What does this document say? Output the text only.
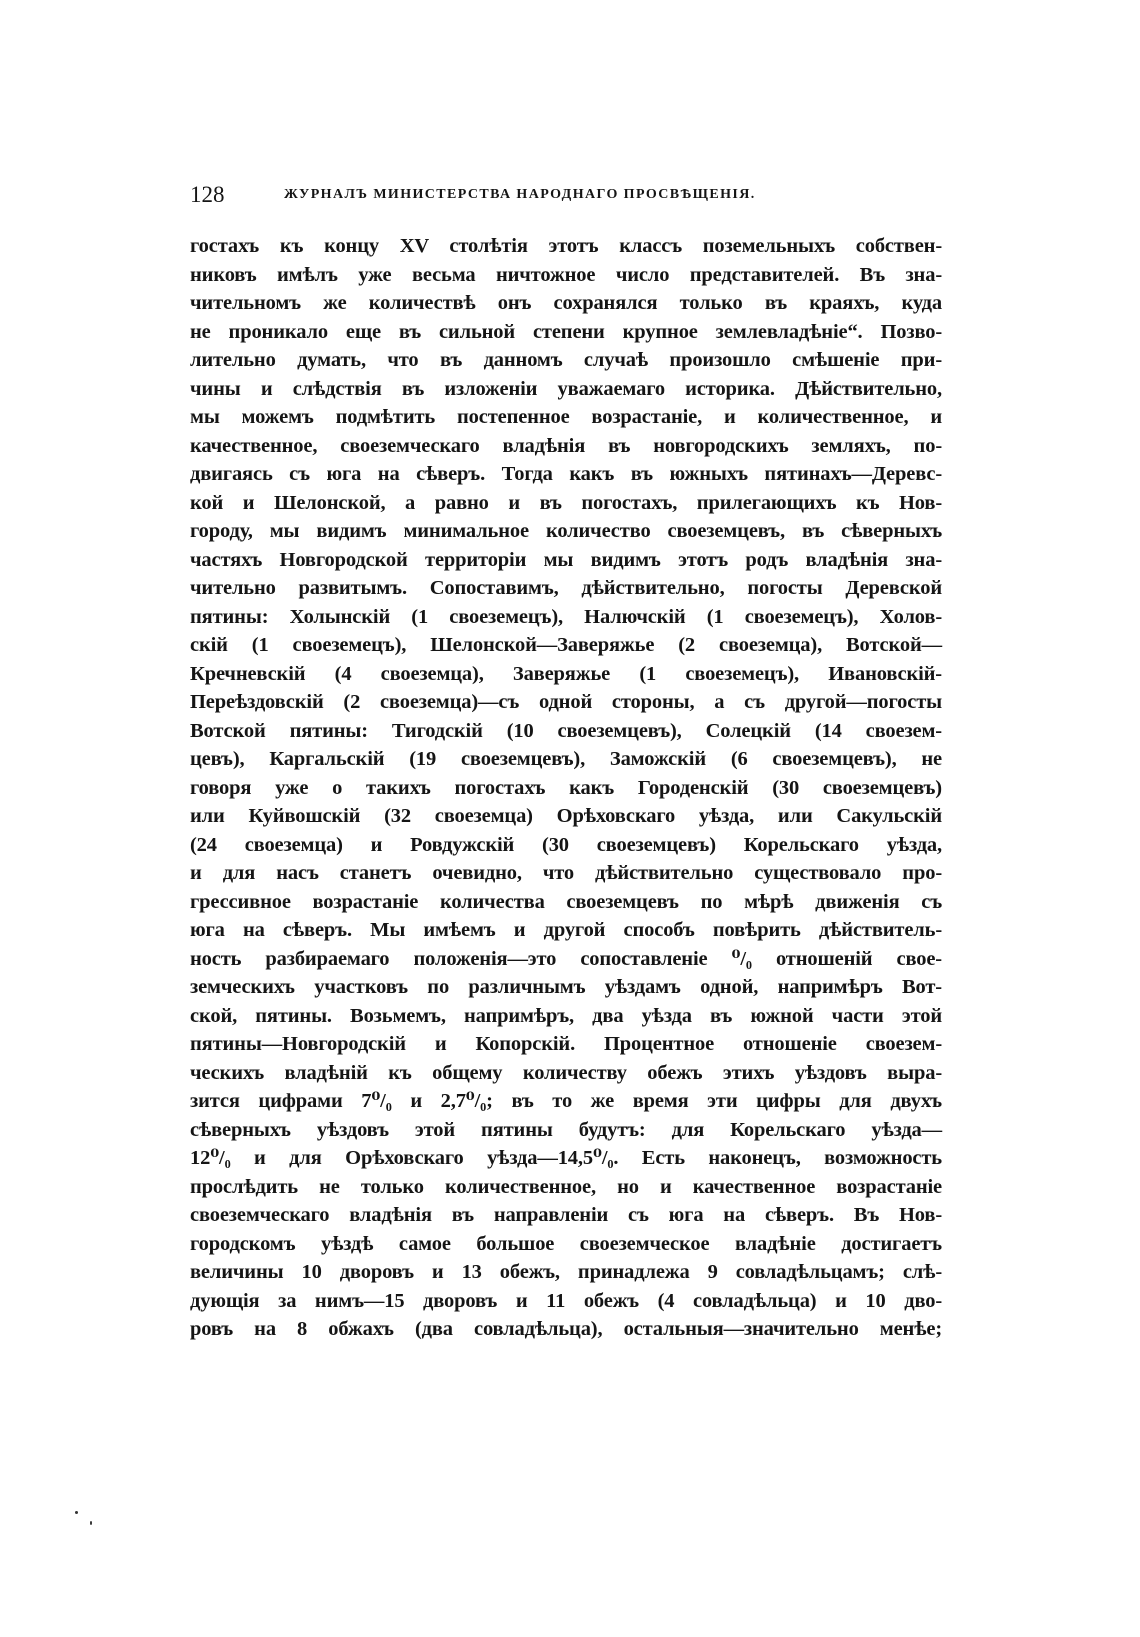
128	ЖУРНАЛЪ МИНИСТЕРСТВА НАРОДНАГО ПРОСВѢЩЕНІЯ.
гостахъ къ концу XV столѣтія этотъ классъ поземельныхъ собствен-
никовъ имѣлъ уже весьма ничтожное число представителей. Въ зна-
чительномъ же количествѣ онъ сохранялся только въ краяхъ, куда
не проникало еще въ сильной степени крупное землевладѣніе“. Позво-
лительно думать, что въ данномъ случаѣ произошло смѣшеніе при-
чины и слѣдствія въ изложеніи уважаемаго историка. Дѣйствительно,
мы можемъ подмѣтить постепенное возрастаніе, и количественное, и
качественное, своеземческаго владѣнія въ новгородскихъ земляхъ, по-
двигаясь съ юга на сѣверъ. Тогда какъ въ южныхъ пятинахъ—Деревс-
кой и Шелонской, а равно и въ погостахъ, прилегающихъ къ Нов-
городу, мы видимъ минимальное количество своеземцевъ, въ сѣверныхъ
частяхъ Новгородской территоріи мы видимъ этотъ родъ владѣнія зна-
чительно развитымъ. Сопоставимъ, дѣйствительно, погосты Деревской
пятины: Холынскій (1 своеземецъ), Налючскій (1 своеземецъ), Холов-
скій (1 своеземецъ), Шелонской—Заверяжье (2 своеземца), Вотской—
Кречневскій (4 своеземца), Заверяжье (1 своеземецъ), Ивановскій-
Переѣздовскій (2 своеземца)—съ одной стороны, а съ другой—погосты
Вотской пятины: Тигодскій (10 своеземцевъ), Солецкій (14 своезем-
цевъ), Каргальскій (19 своеземцевъ), Заможскій (6 своеземцевъ), не
говоря уже о такихъ погостахъ какъ Городенскій (30 своеземцевъ)
или Куйвошскій (32 своеземца) Орѣховскаго уѣзда, или Сакульскій
(24 своеземца) и Ровдужскій (30 своеземцевъ) Корельскаго уѣзда,
и для насъ станетъ очевидно, что дѣйствительно существовало про-
грессивное возрастаніе количества своеземцевъ по мѣрѣ движенія съ
юга на сѣверъ. Мы имѣемъ и другой способъ повѣрить дѣйствитель-
ность разбираемаго положенія—это сопоставленіе ⁰/₀ отношеній свое-
земческихъ участковъ по различнымъ уѣздамъ одной, напримѣръ Вот-
ской, пятины. Возьмемъ, напримѣръ, два уѣзда въ южной части этой
пятины—Новгородскій и Копорскій. Процентное отношеніе своезем-
ческихъ владѣній къ общему количеству обежъ этихъ уѣздовъ выра-
зится цифрами 7⁰/₀ и 2,7⁰/₀; въ то же время эти цифры для двухъ
сѣверныхъ уѣздовъ этой пятины будутъ: для Корельскаго уѣзда—
12⁰/₀ и для Орѣховскаго уѣзда—14,5⁰/₀. Есть наконецъ, возможность
прослѣдить не только количественное, но и качественное возрастаніе
своеземческаго владѣнія въ направленіи съ юга на сѣверъ. Въ Нов-
городскомъ уѣздѣ самое большое своеземческое владѣніе достигаетъ
величины 10 дворовъ и 13 обежъ, принадлежа 9 совладѣльцамъ; слѣ-
дующія за нимъ—15 дворовъ и 11 обежъ (4 совладѣльца) и 10 дво-
ровъ на 8 обжахъ (два совладѣльца), остальныя—значительно менѣе;
